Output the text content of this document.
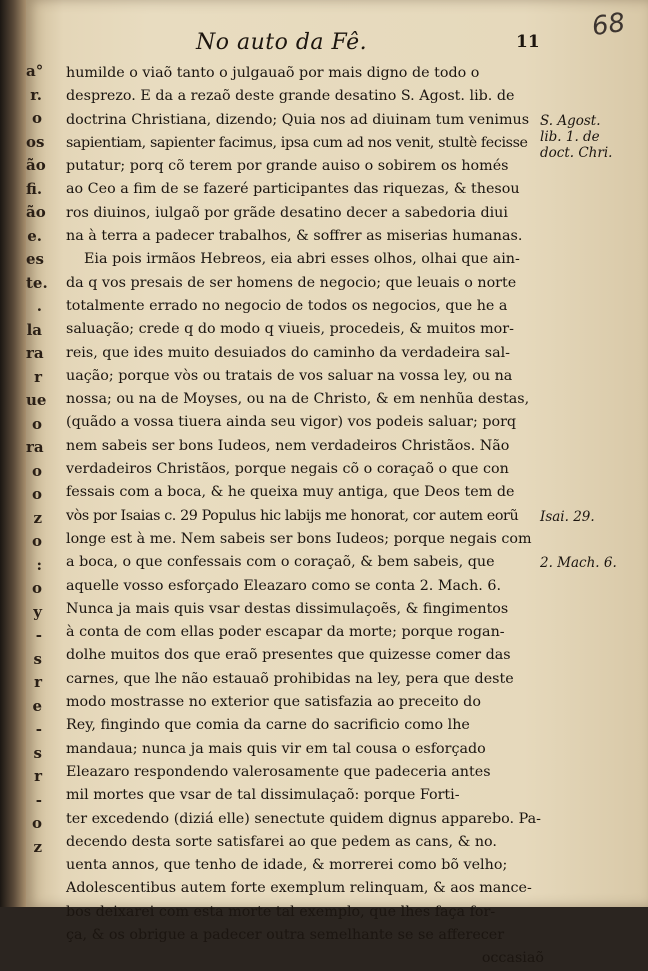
a°
r.
o
os
ão
fi.
ão
e.
es
te.
.
la
ra
r
ue
o
ra
o
o
z
o
:
o
y
-
s
r
e
-
s
r
-
o
z
No auto da Fê.	11 68
humilde o viaõ tanto o julgauaõ por mais digno de todo o
desprezo. E da a rezaõ deste grande desatino S. Agost. lib. de
doctrina Christiana, dizendo; Quia nos ad diuinam tum venimus
sapientiam, sapienter facimus, ipsa cum ad nos venit, stultè fecisse
putatur; porq cõ terem por grande auiso o sobirem os homés
ao Ceo a fim de se fazeré participantes das riquezas, & thesou
ros diuinos, iulgaõ por grãde desatino decer a sabedoria diui
na à terra a padecer trabalhos, & soffrer as miserias humanas.
Eia pois irmãos Hebreos, eia abri esses olhos, olhai que ain-
da q vos presais de ser homens de negocio; que leuais o norte
totalmente errado no negocio de todos os negocios, que he a
saluação; crede q do modo q viueis, procedeis, & muitos mor-
reis, que ides muito desuiados do caminho da verdadeira sal-
uação; porque vòs ou tratais de vos saluar na vossa ley, ou na
nossa; ou na de Moyses, ou na de Christo, & em nenhũa destas,
(quãdo a vossa tiuera ainda seu vigor) vos podeis saluar; porq
nem sabeis ser bons Iudeos, nem verdadeiros Christãos. Não
verdadeiros Christãos, porque negais cõ o coraçaõ o que con
fessais com a boca, & he queixa muy antiga, que Deos tem de
vòs por Isaias c. 29 Populus hic labijs me honorat, cor autem eorũ
longe est à me. Nem sabeis ser bons Iudeos; porque negais com
a boca, o que confessais com o coraçaõ, & bem sabeis, que
aquelle vosso esforçado Eleazaro como se conta 2. Mach. 6.
Nunca ja mais quis vsar destas dissimulaçoẽs, & fingimentos
à conta de com ellas poder escapar da morte; porque rogan-
dolhe muitos dos que eraõ presentes que quizesse comer das
carnes, que lhe não estauaõ prohibidas na ley, pera que deste
modo mostrasse no exterior que satisfazia ao preceito do
Rey, fingindo que comia da carne do sacrificio como lhe
mandaua; nunca ja mais quis vir em tal cousa o esforçado
Eleazaro respondendo valerosamente que padeceria antes
mil mortes que vsar de tal dissimulaçaõ: porque Forti-
ter excedendo (diziá elle) senectute quidem dignus apparebo. Pa-
decendo desta sorte satisfarei ao que pedem as cans, & no.
uenta annos, que tenho de idade, & morrerei como bõ velho;
Adolescentibus autem forte exemplum relinquam, & aos mance-
bos deixarei com esta morte tal exemplo, que lhes faça for-
ça, & os obrigue a padecer outra semelhante se se afferecer
occasiaõ
S. Agost.
lib. 1. de
doct. Chri.
Isai. 29.
2. Mach. 6.
